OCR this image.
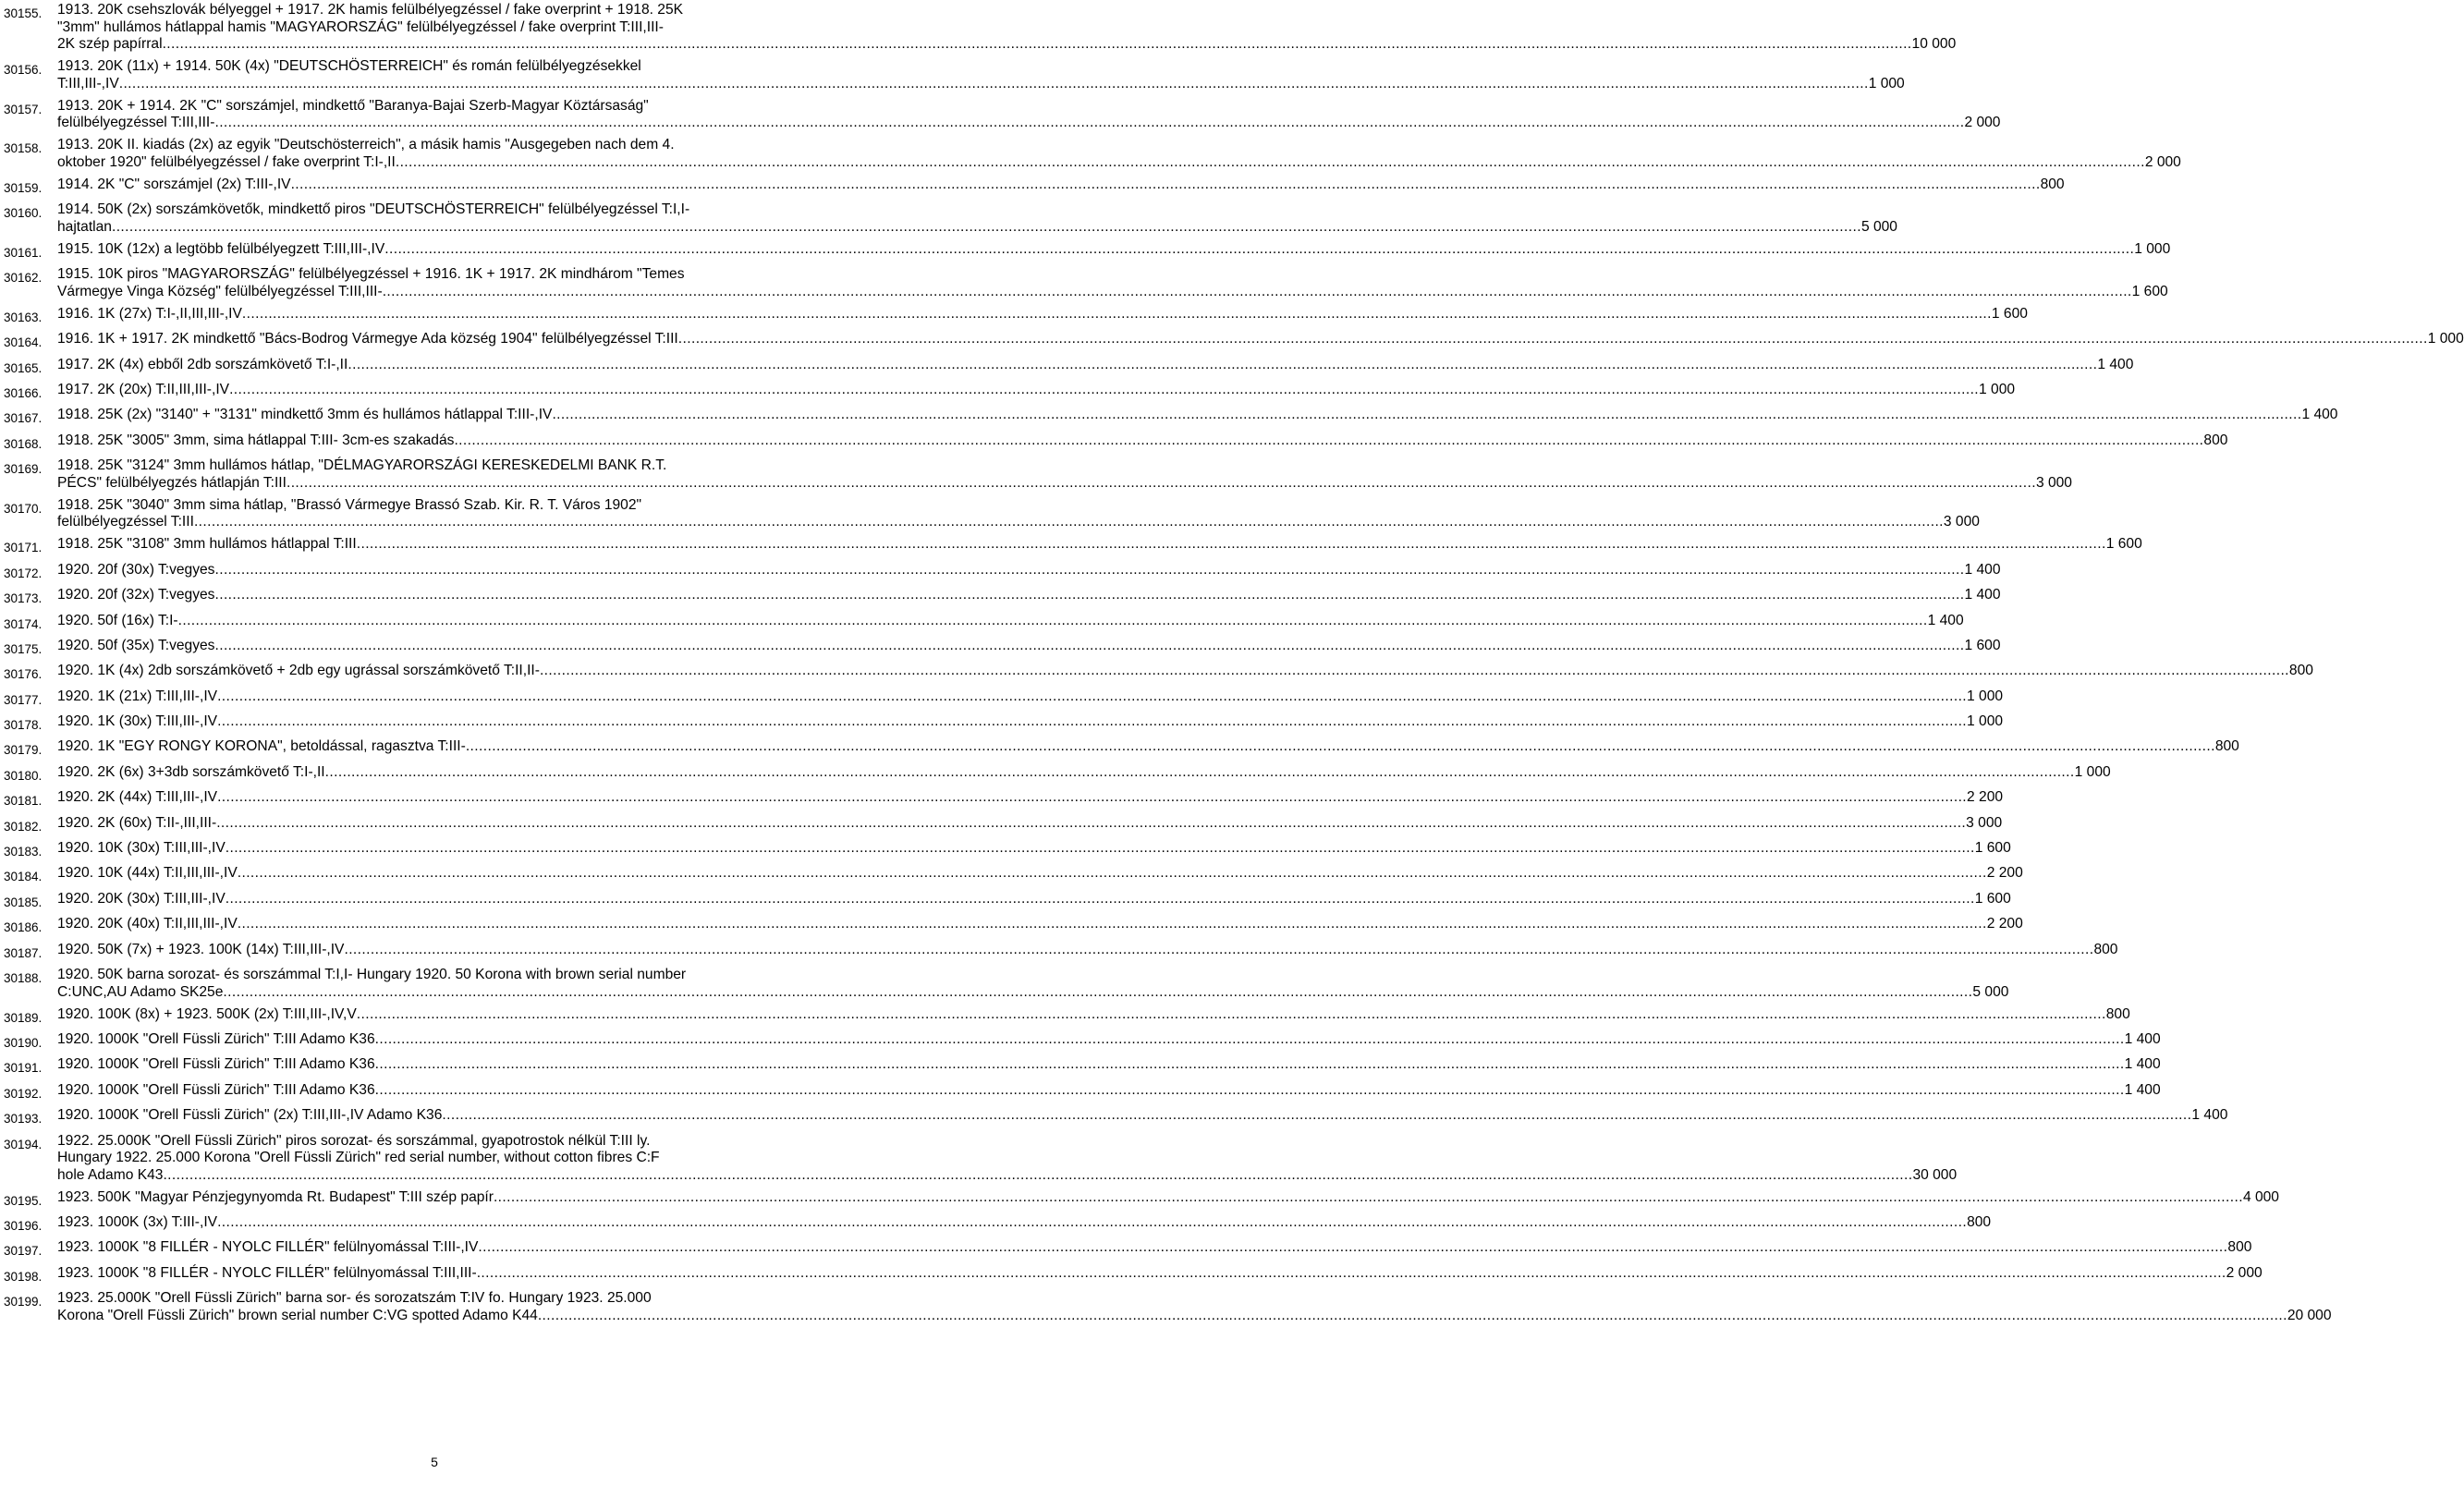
30155.	1913. 20K csehszlovák bélyeggel + 1917. 2K hamis felülbélyegzéssel / fake overprint + 1918. 25K
"3mm" hullámos hátlappal hamis "MAGYARORSZÁG" felülbélyegzéssel / fake overprint T:III,III-
2K szép papírral ................................................................................................................................................................................................................................................................................................................................................................................................................ 10 000
30156.	1913. 20K (11x) + 1914. 50K (4x) "DEUTSCHÖSTERREICH" és román felülbélyegzésekkel
T:III,III-,IV ................................................................................................................................................................................................................................................................................................................................................................................................................ 1 000
30157.	1913. 20K + 1914. 2K "C" sorszámjel, mindkettő "Baranya-Bajai Szerb-Magyar Köztársaság"
felülbélyegzéssel T:III,III- ................................................................................................................................................................................................................................................................................................................................................................................................................ 2 000
30158.	1913. 20K II. kiadás (2x) az egyik "Deutschösterreich", a másik hamis "Ausgegeben nach dem 4.
oktober 1920" felülbélyegzéssel / fake overprint T:I-,II ................................................................................................................................................................................................................................................................................................................................................................................................................ 2 000
30159.	1914. 2K "C" sorszámjel (2x) T:III-,IV ................................................................................................................................................................................................................................................................................................................................................................................................................ 800
30160.	1914. 50K (2x) sorszámkövetők, mindkettő piros "DEUTSCHÖSTERREICH" felülbélyegzéssel T:I,I-
hajtatlan ................................................................................................................................................................................................................................................................................................................................................................................................................ 5 000
30161.	1915. 10K (12x) a legtöbb felülbélyegzett T:III,III-,IV ................................................................................................................................................................................................................................................................................................................................................................................................................ 1 000
30162.	1915. 10K piros "MAGYARORSZÁG" felülbélyegzéssel + 1916. 1K + 1917. 2K mindhárom "Temes
Vármegye Vinga Község" felülbélyegzéssel T:III,III- ................................................................................................................................................................................................................................................................................................................................................................................................................ 1 600
30163.	1916. 1K (27x) T:I-,II,III,III-,IV ................................................................................................................................................................................................................................................................................................................................................................................................................ 1 600
30164.	1916. 1K + 1917. 2K mindkettő "Bács-Bodrog Vármegye Ada község 1904" felülbélyegzéssel T:III ................................................................................................................................................................................................................................................................................................................................................................................................................ 1 000
30165.	1917. 2K (4x) ebből 2db sorszámkövető T:I-,II ................................................................................................................................................................................................................................................................................................................................................................................................................ 1 400
30166.	1917. 2K (20x) T:II,III,III-,IV ................................................................................................................................................................................................................................................................................................................................................................................................................ 1 000
30167.	1918. 25K (2x) "3140" + "3131" mindkettő 3mm és hullámos hátlappal T:III-,IV ................................................................................................................................................................................................................................................................................................................................................................................................................ 1 400
30168.	1918. 25K "3005" 3mm, sima hátlappal T:III- 3cm-es szakadás ................................................................................................................................................................................................................................................................................................................................................................................................................ 800
30169.	1918. 25K "3124" 3mm hullámos hátlap, "DÉLMAGYARORSZÁGI KERESKEDELMI BANK R.T.
PÉCS" felülbélyegzés hátlapján T:III ................................................................................................................................................................................................................................................................................................................................................................................................................ 3 000
30170.	1918. 25K "3040" 3mm sima hátlap, "Brassó Vármegye Brassó Szab. Kir. R. T. Város 1902"
felülbélyegzéssel T:III ................................................................................................................................................................................................................................................................................................................................................................................................................ 3 000
30171.	1918. 25K "3108" 3mm hullámos hátlappal T:III ................................................................................................................................................................................................................................................................................................................................................................................................................ 1 600
30172.	1920. 20f (30x) T:vegyes ................................................................................................................................................................................................................................................................................................................................................................................................................ 1 400
30173.	1920. 20f (32x) T:vegyes ................................................................................................................................................................................................................................................................................................................................................................................................................ 1 400
30174.	1920. 50f (16x) T:I- ................................................................................................................................................................................................................................................................................................................................................................................................................ 1 400
30175.	1920. 50f (35x) T:vegyes ................................................................................................................................................................................................................................................................................................................................................................................................................ 1 600
30176.	1920. 1K (4x) 2db sorszámkövető + 2db egy ugrással sorszámkövető T:II,II- ................................................................................................................................................................................................................................................................................................................................................................................................................ 800
30177.	1920. 1K (21x) T:III,III-,IV ................................................................................................................................................................................................................................................................................................................................................................................................................ 1 000
30178.	1920. 1K (30x) T:III,III-,IV ................................................................................................................................................................................................................................................................................................................................................................................................................ 1 000
30179.	1920. 1K "EGY RONGY KORONA", betoldással, ragasztva T:III- ................................................................................................................................................................................................................................................................................................................................................................................................................ 800
30180.	1920. 2K (6x) 3+3db sorszámkövető T:I-,II ................................................................................................................................................................................................................................................................................................................................................................................................................ 1 000
30181.	1920. 2K (44x) T:III,III-,IV ................................................................................................................................................................................................................................................................................................................................................................................................................ 2 200
30182.	1920. 2K (60x) T:II-,III,III- ................................................................................................................................................................................................................................................................................................................................................................................................................ 3 000
30183.	1920. 10K (30x) T:III,III-,IV ................................................................................................................................................................................................................................................................................................................................................................................................................ 1 600
30184.	1920. 10K (44x) T:II,III,III-,IV ................................................................................................................................................................................................................................................................................................................................................................................................................ 2 200
30185.	1920. 20K (30x) T:III,III-,IV ................................................................................................................................................................................................................................................................................................................................................................................................................ 1 600
30186.	1920. 20K (40x) T:II,III,III-,IV ................................................................................................................................................................................................................................................................................................................................................................................................................ 2 200
30187.	1920. 50K (7x) + 1923. 100K (14x) T:III,III-,IV ................................................................................................................................................................................................................................................................................................................................................................................................................ 800
30188.	1920. 50K barna sorozat- és sorszámmal T:I,I- Hungary 1920. 50 Korona with brown serial number
C:UNC,AU Adamo SK25e ................................................................................................................................................................................................................................................................................................................................................................................................................ 5 000
30189.	1920. 100K (8x) + 1923. 500K (2x) T:III,III-,IV,V ................................................................................................................................................................................................................................................................................................................................................................................................................ 800
30190.	1920. 1000K "Orell Füssli Zürich" T:III Adamo K36 ................................................................................................................................................................................................................................................................................................................................................................................................................ 1 400
30191.	1920. 1000K "Orell Füssli Zürich" T:III Adamo K36 ................................................................................................................................................................................................................................................................................................................................................................................................................ 1 400
30192.	1920. 1000K "Orell Füssli Zürich" T:III Adamo K36 ................................................................................................................................................................................................................................................................................................................................................................................................................ 1 400
30193.	1920. 1000K "Orell Füssli Zürich" (2x) T:III,III-,IV Adamo K36 ................................................................................................................................................................................................................................................................................................................................................................................................................ 1 400
30194.	1922. 25.000K "Orell Füssli Zürich" piros sorozat- és sorszámmal, gyapotrostok nélkül T:III ly.
Hungary 1922. 25.000 Korona "Orell Füssli Zürich" red serial number, without cotton fibres C:F
hole Adamo K43 ................................................................................................................................................................................................................................................................................................................................................................................................................ 30 000
30195.	1923. 500K "Magyar Pénzjegynyomda Rt. Budapest" T:III szép papír ................................................................................................................................................................................................................................................................................................................................................................................................................ 4 000
30196.	1923. 1000K (3x) T:III-,IV ................................................................................................................................................................................................................................................................................................................................................................................................................ 800
30197.	1923. 1000K "8 FILLÉR - NYOLC FILLÉR" felülnyomással T:III-,IV ................................................................................................................................................................................................................................................................................................................................................................................................................ 800
30198.	1923. 1000K "8 FILLÉR - NYOLC FILLÉR" felülnyomással T:III,III- ................................................................................................................................................................................................................................................................................................................................................................................................................ 2 000
30199.	1923. 25.000K "Orell Füssli Zürich" barna sor- és sorozatszám T:IV fo. Hungary 1923. 25.000
Korona "Orell Füssli Zürich" brown serial number C:VG spotted Adamo K44 ................................................................................................................................................................................................................................................................................................................................................................................................................ 20 000
5
